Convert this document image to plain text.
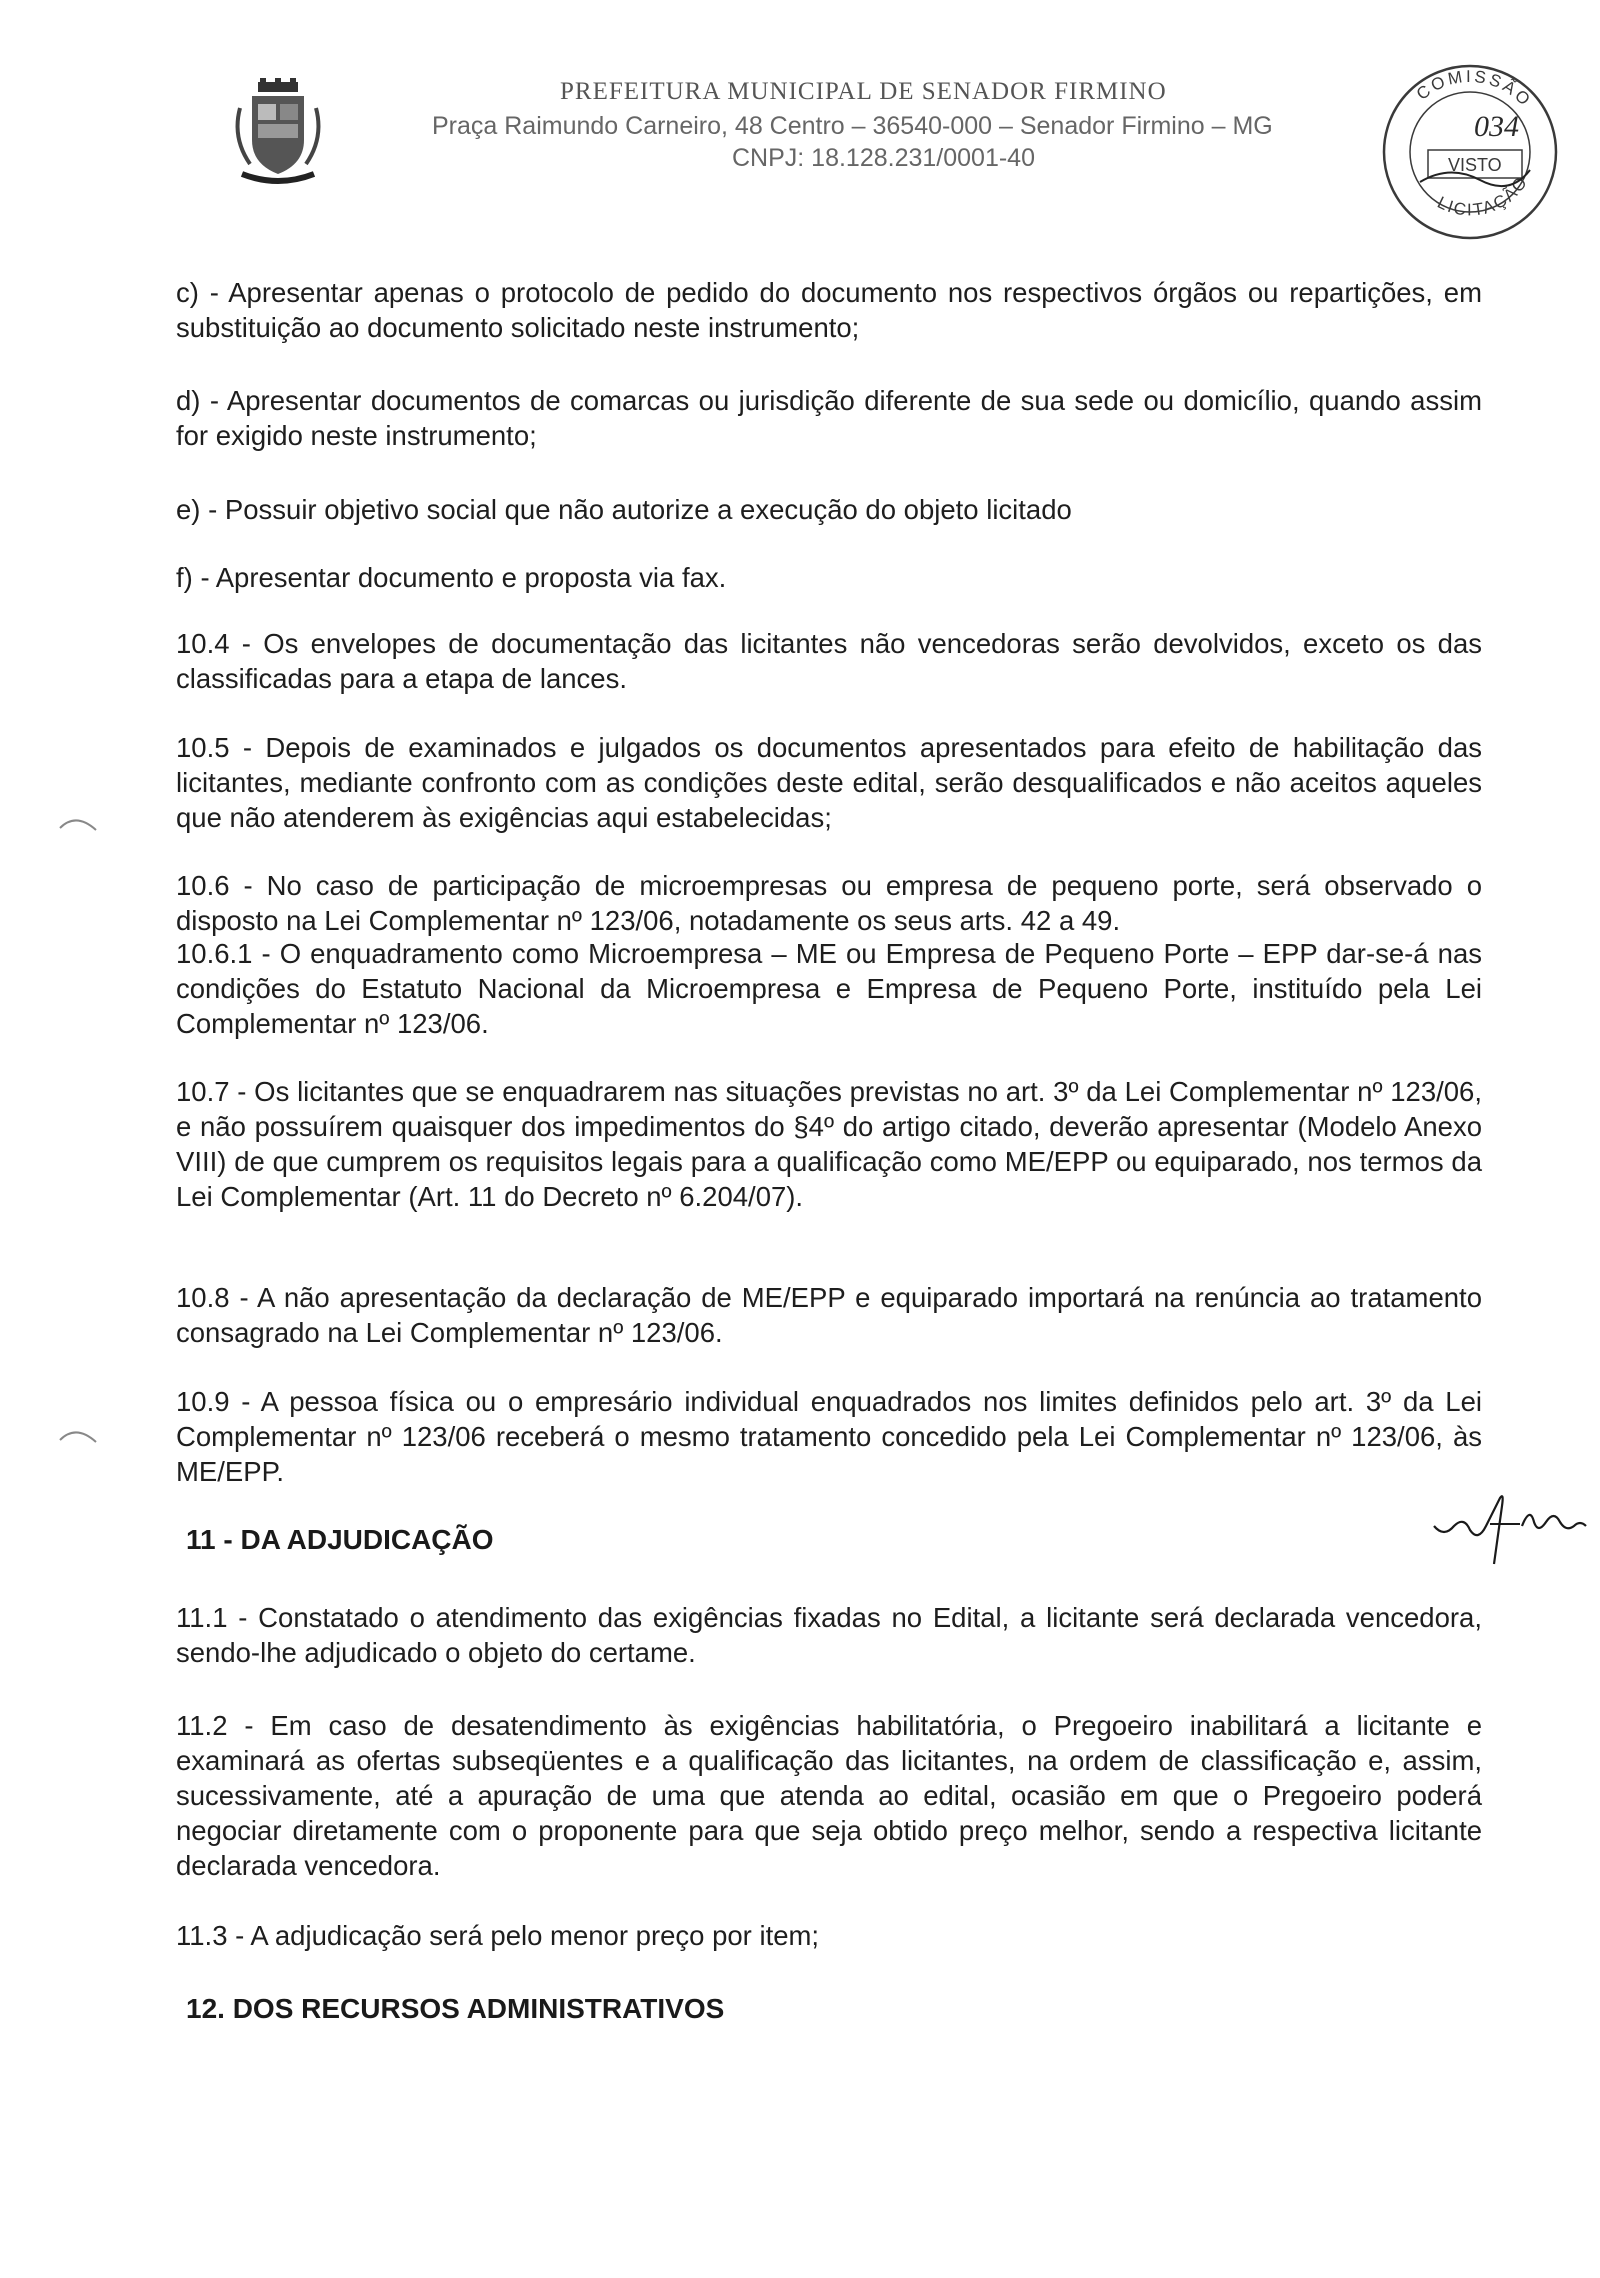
PREFEITURA MUNICIPAL DE SENADOR FIRMINO
Praça Raimundo Carneiro, 48 Centro – 36540-000 – Senador Firmino – MG
CNPJ: 18.128.231/0001-40
COMISSÃO
LICITAÇÃO
034
VISTO

c) - Apresentar apenas o protocolo de pedido do documento nos respectivos órgãos ou repartições, em substituição ao documento solicitado neste instrumento;

d) - Apresentar documentos de comarcas ou jurisdição diferente de sua sede ou domicílio, quando assim for exigido neste instrumento;

e) - Possuir objetivo social que não autorize a execução do objeto licitado

f) - Apresentar documento e proposta via fax.

10.4 - Os envelopes de documentação das licitantes não vencedoras serão devolvidos, exceto os das classificadas para a etapa de lances.

10.5 - Depois de examinados e julgados os documentos apresentados para efeito de habilitação das licitantes, mediante confronto com as condições deste edital, serão desqualificados e não aceitos aqueles que não atenderem às exigências aqui estabelecidas;

10.6 - No caso de participação de microempresas ou empresa de pequeno porte, será observado o disposto na Lei Complementar nº 123/06, notadamente os seus arts. 42 a 49.

10.6.1 - O enquadramento como Microempresa – ME ou Empresa de Pequeno Porte – EPP dar-se-á nas condições do Estatuto Nacional da Microempresa e Empresa de Pequeno Porte, instituído pela Lei Complementar nº 123/06.

10.7 - Os licitantes que se enquadrarem nas situações previstas no art. 3º da Lei Complementar nº 123/06, e não possuírem quaisquer dos impedimentos do §4º do artigo citado, deverão apresentar (Modelo Anexo VIII) de que cumprem os requisitos legais para a qualificação como ME/EPP ou equiparado, nos termos da Lei Complementar (Art. 11 do Decreto nº 6.204/07).

10.8 - A não apresentação da declaração de ME/EPP e equiparado importará na renúncia ao tratamento consagrado na Lei Complementar nº 123/06.

10.9 - A pessoa física ou o empresário individual enquadrados nos limites definidos pelo art. 3º da Lei Complementar nº 123/06 receberá o mesmo tratamento concedido pela Lei Complementar nº 123/06, às ME/EPP.

11 - DA ADJUDICAÇÃO

11.1 - Constatado o atendimento das exigências fixadas no Edital, a licitante será declarada vencedora, sendo-lhe adjudicado o objeto do certame.

11.2 - Em caso de desatendimento às exigências habilitatória, o Pregoeiro inabilitará a licitante e examinará as ofertas subseqüentes e a qualificação das licitantes, na ordem de classificação e, assim, sucessivamente, até a apuração de uma que atenda ao edital, ocasião em que o Pregoeiro poderá negociar diretamente com o proponente para que seja obtido preço melhor, sendo a respectiva licitante declarada vencedora.

11.3 - A adjudicação será pelo menor preço por item;

12. DOS RECURSOS ADMINISTRATIVOS
